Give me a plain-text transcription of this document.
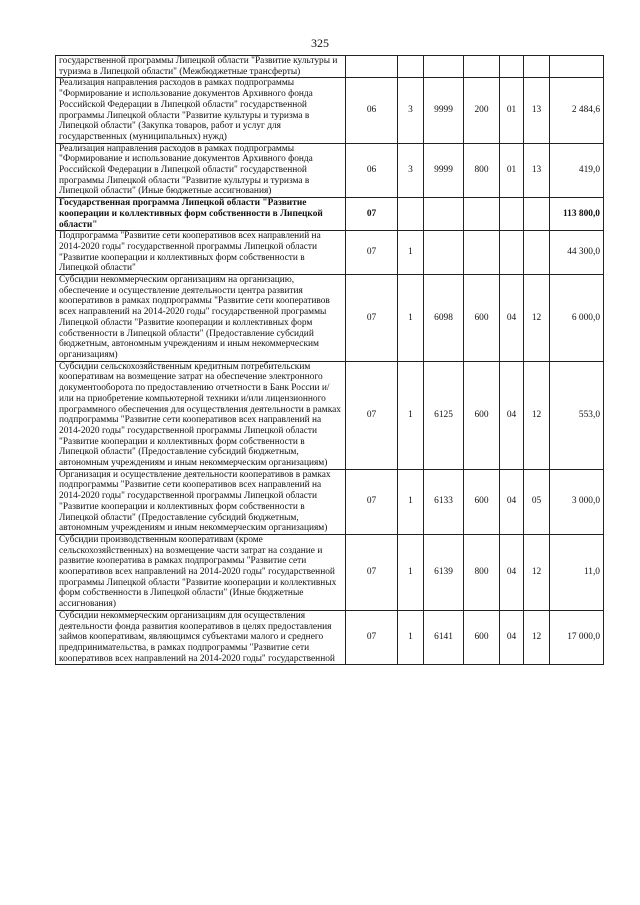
325
государственной программы Липецкой области "Развитие культуры и туризма в Липецкой области" (Межбюджетные трансферты)							
Реализация направления расходов в рамках подпрограммы "Формирование и использование документов Архивного фонда Российской Федерации в Липецкой области" государственной программы Липецкой области "Развитие культуры и туризма в Липецкой области" (Закупка товаров, работ и услуг для государственных (муниципальных) нужд)	06	3	9999	200	01	13	2 484,6
Реализация направления расходов в рамках подпрограммы "Формирование и использование документов Архивного фонда Российской Федерации в Липецкой области" государственной программы Липецкой области "Развитие культуры и туризма в Липецкой области" (Иные бюджетные ассигнования)	06	3	9999	800	01	13	419,0
Государственная программа Липецкой области "Развитие кооперации и коллективных форм собственности в Липецкой области"	07						113 800,0
Подпрограмма "Развитие сети кооперативов всех направлений на 2014-2020 годы" государственной программы Липецкой области "Развитие кооперации и коллективных форм собственности в Липецкой области"	07	1					44 300,0
Субсидии некоммерческим организациям на организацию, обеспечение и осуществление деятельности центра развития кооперативов в рамках подпрограммы "Развитие сети кооперативов всех направлений на 2014-2020 годы" государственной программы Липецкой области "Развитие кооперации и коллективных форм собственности в Липецкой области" (Предоставление субсидий бюджетным, автономным учреждениям и иным некоммерческим организациям)	07	1	6098	600	04	12	6 000,0
Субсидии сельскохозяйственным кредитным потребительским кооперативам на возмещение затрат на обеспечение электронного документооборота по предоставлению отчетности в Банк России и/или на приобретение компьютерной техники и/или лицензионного программного обеспечения для осуществления деятельности в рамках подпрограммы "Развитие сети кооперативов всех направлений на 2014-2020 годы" государственной программы Липецкой области "Развитие кооперации и коллективных форм собственности в Липецкой области" (Предоставление субсидий бюджетным, автономным учреждениям и иным некоммерческим организациям)	07	1	6125	600	04	12	553,0
Организация и осуществление деятельности кооперативов в рамках подпрограммы "Развитие сети кооперативов всех направлений на 2014-2020 годы" государственной программы Липецкой области "Развитие кооперации и коллективных форм собственности в Липецкой области" (Предоставление субсидий бюджетным, автономным учреждениям и иным некоммерческим организациям)	07	1	6133	600	04	05	3 000,0
Субсидии производственным кооперативам (кроме сельскохозяйственных) на возмещение части затрат на создание и развитие кооператива в рамках подпрограммы "Развитие сети кооперативов всех направлений на 2014-2020 годы" государственной программы Липецкой области "Развитие кооперации и коллективных форм собственности в Липецкой области" (Иные бюджетные ассигнования)	07	1	6139	800	04	12	11,0
Субсидии некоммерческим организациям для осуществления деятельности фонда развития кооперативов в целях предоставления займов кооперативам, являющимся субъектами малого и среднего предпринимательства, в рамках подпрограммы "Развитие сети кооперативов всех направлений на 2014-2020 годы" государственной	07	1	6141	600	04	12	17 000,0
